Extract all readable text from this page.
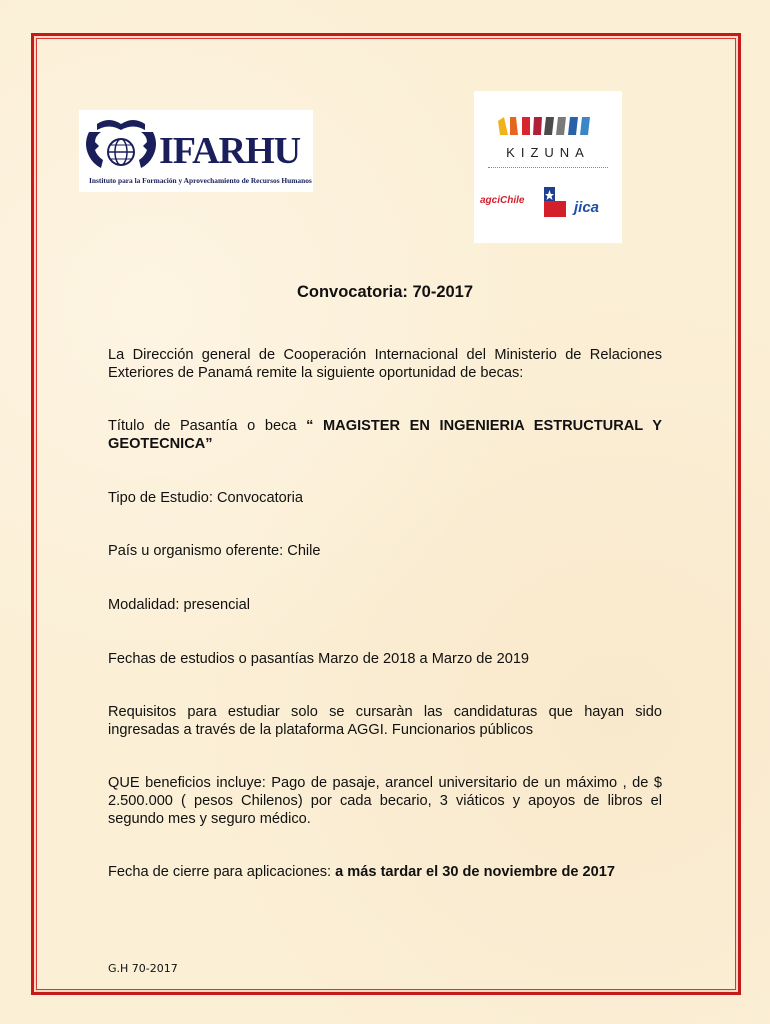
IFARHU
Instituto para la Formación y Aprovechamiento de Recursos Humanos
KIZUNA
agciChile	jica
Convocatoria: 70-2017
La Dirección general de Cooperación Internacional del Ministerio de Relaciones Exteriores de Panamá remite la siguiente oportunidad de becas:
Título de Pasantía o beca “ MAGISTER EN INGENIERIA ESTRUCTURAL Y GEOTECNICA”
Tipo de Estudio: Convocatoria
País u organismo oferente: Chile
Modalidad: presencial
Fechas de estudios o pasantías Marzo de 2018 a Marzo de 2019
Requisitos para estudiar solo se cursaràn las candidaturas que hayan sido ingresadas a través de la plataforma AGGI. Funcionarios públicos
QUE beneficios incluye: Pago de pasaje, arancel universitario de un máximo , de $ 2.500.000 ( pesos Chilenos) por cada becario, 3 viáticos y apoyos de libros el segundo mes y seguro médico.
Fecha de cierre para aplicaciones: a más tardar el 30 de noviembre de 2017
G.H 70-2017
